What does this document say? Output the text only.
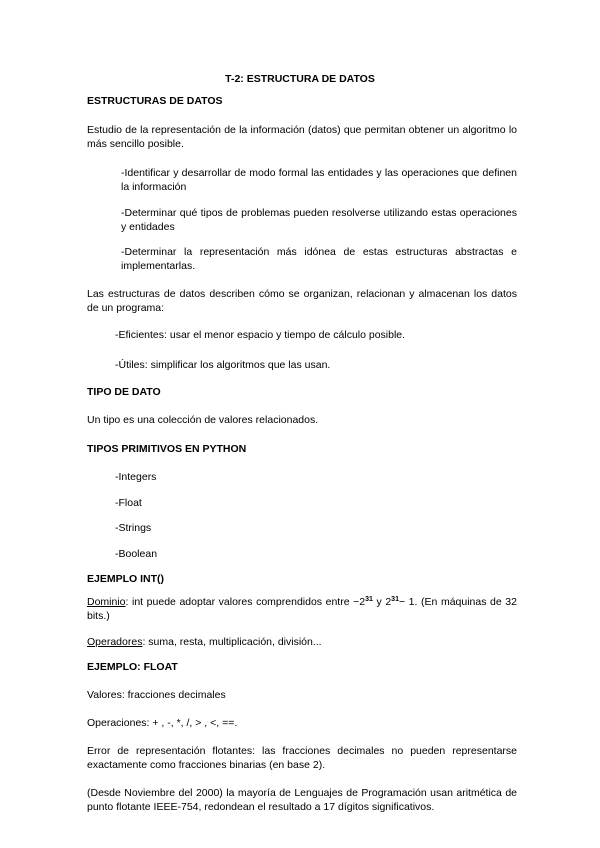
T-2: ESTRUCTURA DE DATOS

ESTRUCTURAS DE DATOS

Estudio de la representación de la información (datos) que permitan obtener un algoritmo lo más sencillo posible.

-Identificar y desarrollar de modo formal las entidades y las operaciones que definen la información

-Determinar qué tipos de problemas pueden resolverse utilizando estas operaciones y entidades

-Determinar la representación más idónea de estas estructuras abstractas e implementarlas.

Las estructuras de datos describen cómo se organizan, relacionan y almacenan los datos de un programa:

-Eficientes: usar el menor espacio y tiempo de cálculo posible.

-Útiles: simplificar los algoritmos que las usan.

TIPO DE DATO

Un tipo es una colección de valores relacionados.

TIPOS PRIMITIVOS EN PYTHON

-Integers

-Float

-Strings

-Boolean

EJEMPLO INT()

Dominio: int puede adoptar valores comprendidos entre $-2^{31}$ y $2^{31}- 1$. (En máquinas de 32 bits.)

Operadores: suma, resta, multiplicación, división...

EJEMPLO: FLOAT

Valores: fracciones decimales

Operaciones: + , -, *, /, > , <, ==.

Error de representación flotantes: las fracciones decimales no pueden representarse exactamente como fracciones binarias (en base 2).

(Desde Noviembre del 2000) la mayoría de Lenguajes de Programación usan aritmética de punto flotante IEEE-754, redondean el resultado a 17 dígitos significativos.
